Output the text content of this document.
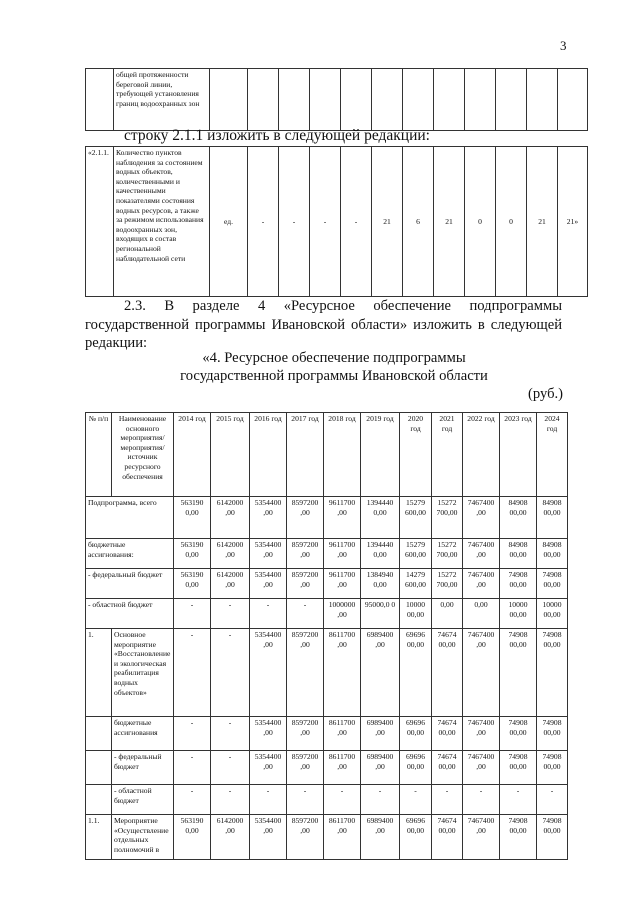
3
	общей протяженности береговой линии, требующей установления границ водоохранных зон												
строку 2.1.1 изложить в следующей редакции:
«2.1.1.	Количество пунктов наблюдения за состоянием водных объектов, количественными и качественными показателями состояния водных ресурсов, а также за режимом использования водоохранных зон, входящих в состав региональной наблюдательной сети	ед.	-	-	-	-	21	6	21	0	0	21	21»
2.3. В разделе 4 «Ресурсное обеспечение подпрограммы
государственной программы Ивановской области» изложить в следующей
редакции:
«4. Ресурсное обеспечение подпрограммы
государственной программы Ивановской области
(руб.)
№ п/п	Наименование основного мероприятия/ мероприятия/ источник ресурсного обеспечения	2014 год	2015 год	2016 год	2017 год	2018 год	2019 год	2020 год	2021 год	2022 год	2023 год	2024 год
Подпрограмма, всего		563190 0,00	6142000 ,00	5354400 ,00	8597200 ,00	9611700 ,00	1394440 0,00	15279 600,00	15272 700,00	7467400 ,00	84908 00,00	84908 00,00
бюджетные ассигнования:		563190 0,00	6142000 ,00	5354400 ,00	8597200 ,00	9611700 ,00	1394440 0,00	15279 600,00	15272 700,00	7467400 ,00	84908 00,00	84908 00,00
- федеральный бюджет		563190 0,00	6142000 ,00	5354400 ,00	8597200 ,00	9611700 ,00	1384940 0,00	14279 600,00	15272 700,00	7467400 ,00	74908 00,00	74908 00,00
- областной бюджет		-	-	-	-	1000000 ,00	95000,0 0	10000 00,00	0,00	0,00	10000 00,00	10000 00,00
1.	Основное мероприятие «Восстановление и экологическая реабилитация водных объектов»	-	-	5354400 ,00	8597200 ,00	8611700 ,00	6989400 ,00	69696 00,00	74674 00,00	7467400 ,00	74908 00,00	74908 00,00
	бюджетные ассигнования	-	-	5354400 ,00	8597200 ,00	8611700 ,00	6989400 ,00	69696 00,00	74674 00,00	7467400 ,00	74908 00,00	74908 00,00
	- федеральный бюджет	-	-	5354400 ,00	8597200 ,00	8611700 ,00	6989400 ,00	69696 00,00	74674 00,00	7467400 ,00	74908 00,00	74908 00,00
	- областной бюджет	-	-	-	-	-	-	-	-	-	-	-
1.1.	Мероприятие «Осуществление отдельных полномочий в	563190 0,00	6142000 ,00	5354400 ,00	8597200 ,00	8611700 ,00	6989400 ,00	69696 00,00	74674 00,00	7467400 ,00	74908 00,00	74908 00,00
